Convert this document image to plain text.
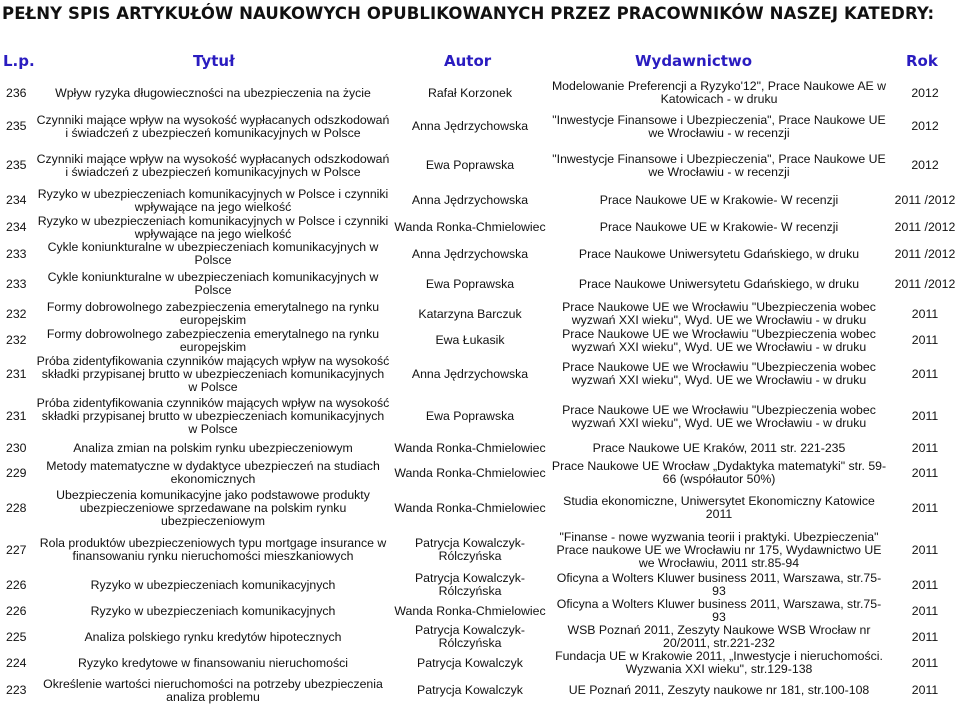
PEŁNY SPIS ARTYKUŁÓW NAUKOWYCH OPUBLIKOWANYCH PRZEZ PRACOWNIKÓW NASZEJ KATEDRY:
L.p.	Tytuł	Autor	Wydawnictwo	Rok
236	Wpływ ryzyka długowieczności na ubezpieczenia na życie	Rafał Korzonek	Modelowanie Preferencji a Ryzyko'12", Prace Naukowe AE w Katowicach - w druku	2012
235	Czynniki mające wpływ na wysokość wypłacanych odszkodowań i świadczeń z ubezpieczeń komunikacyjnych w Polsce	Anna Jędrzychowska	"Inwestycje Finansowe i Ubezpieczenia", Prace Naukowe UE we Wrocławiu - w recenzji	2012
235	Czynniki mające wpływ na wysokość wypłacanych odszkodowań i świadczeń z ubezpieczeń komunikacyjnych w Polsce	Ewa Poprawska	"Inwestycje Finansowe i Ubezpieczenia", Prace Naukowe UE we Wrocławiu - w recenzji	2012
234	Ryzyko w ubezpieczeniach komunikacyjnych w Polsce i czynniki wpływające na jego wielkość	Anna Jędrzychowska	Prace Naukowe UE w Krakowie- W recenzji	2011 /2012
234	Ryzyko w ubezpieczeniach komunikacyjnych w Polsce i czynniki wpływające na jego wielkość	Wanda Ronka-Chmielowiec	Prace Naukowe UE w Krakowie- W recenzji	2011 /2012
233	Cykle koniunkturalne w ubezpieczeniach komunikacyjnych w Polsce	Anna Jędrzychowska	Prace Naukowe Uniwersytetu Gdańskiego, w druku	2011 /2012
233	Cykle koniunkturalne w ubezpieczeniach komunikacyjnych w Polsce	Ewa Poprawska	Prace Naukowe Uniwersytetu Gdańskiego, w druku	2011 /2012
232	Formy dobrowolnego zabezpieczenia emerytalnego na rynku europejskim	Katarzyna Barczuk	Prace Naukowe UE we Wrocławiu "Ubezpieczenia wobec wyzwań XXI wieku", Wyd. UE we Wrocławiu - w druku	2011
232	Formy dobrowolnego zabezpieczenia emerytalnego na rynku europejskim	Ewa Łukasik	Prace Naukowe UE we Wrocławiu "Ubezpieczenia wobec wyzwań XXI wieku", Wyd. UE we Wrocławiu - w druku	2011
231	Próba zidentyfikowania czynników mających wpływ na wysokość składki przypisanej brutto w ubezpieczeniach komunikacyjnych w Polsce	Anna Jędrzychowska	Prace Naukowe UE we Wrocławiu "Ubezpieczenia wobec wyzwań XXI wieku", Wyd. UE we Wrocławiu - w druku	2011
231	Próba zidentyfikowania czynników mających wpływ na wysokość składki przypisanej brutto w ubezpieczeniach komunikacyjnych w Polsce	Ewa Poprawska	Prace Naukowe UE we Wrocławiu "Ubezpieczenia wobec wyzwań XXI wieku", Wyd. UE we Wrocławiu - w druku	2011
230	Analiza zmian na polskim rynku ubezpieczeniowym	Wanda Ronka-Chmielowiec	Prace Naukowe UE Kraków, 2011 str. 221-235	2011
229	Metody matematyczne w dydaktyce ubezpieczeń na studiach ekonomicznych	Wanda Ronka-Chmielowiec	Prace Naukowe UE Wrocław „Dydaktyka matematyki" str. 59-66 (współautor 50%)	2011
228	Ubezpieczenia komunikacyjne jako podstawowe produkty ubezpieczeniowe sprzedawane na polskim rynku ubezpieczeniowym	Wanda Ronka-Chmielowiec	Studia ekonomiczne, Uniwersytet Ekonomiczny Katowice 2011	2011
227	Rola produktów ubezpieczeniowych typu mortgage insurance w finansowaniu rynku nieruchomości mieszkaniowych	Patrycja Kowalczyk-Rólczyńska	"Finanse - nowe wyzwania teorii i praktyki. Ubezpieczenia" Prace naukowe UE we Wrocławiu nr 175, Wydawnictwo UE we Wrocławiu, 2011 str.85-94	2011
226	Ryzyko w ubezpieczeniach komunikacyjnych	Patrycja Kowalczyk-Rólczyńska	Oficyna a Wolters Kluwer business 2011, Warszawa, str.75-93	2011
226	Ryzyko w ubezpieczeniach komunikacyjnych	Wanda Ronka-Chmielowiec	Oficyna a Wolters Kluwer business 2011, Warszawa, str.75-93	2011
225	Analiza polskiego rynku kredytów hipotecznych	Patrycja Kowalczyk-Rólczyńska	WSB Poznań 2011, Zeszyty Naukowe WSB Wrocław nr 20/2011, str.221-232	2011
224	Ryzyko kredytowe w finansowaniu nieruchomości	Patrycja Kowalczyk	Fundacja UE w Krakowie 2011, „Inwestycje i nieruchomości. Wyzwania XXI wieku", str.129-138	2011
223	Określenie wartości nieruchomości na potrzeby ubezpieczenia analiza problemu	Patrycja Kowalczyk	UE Poznań 2011, Zeszyty naukowe nr 181, str.100-108	2011
